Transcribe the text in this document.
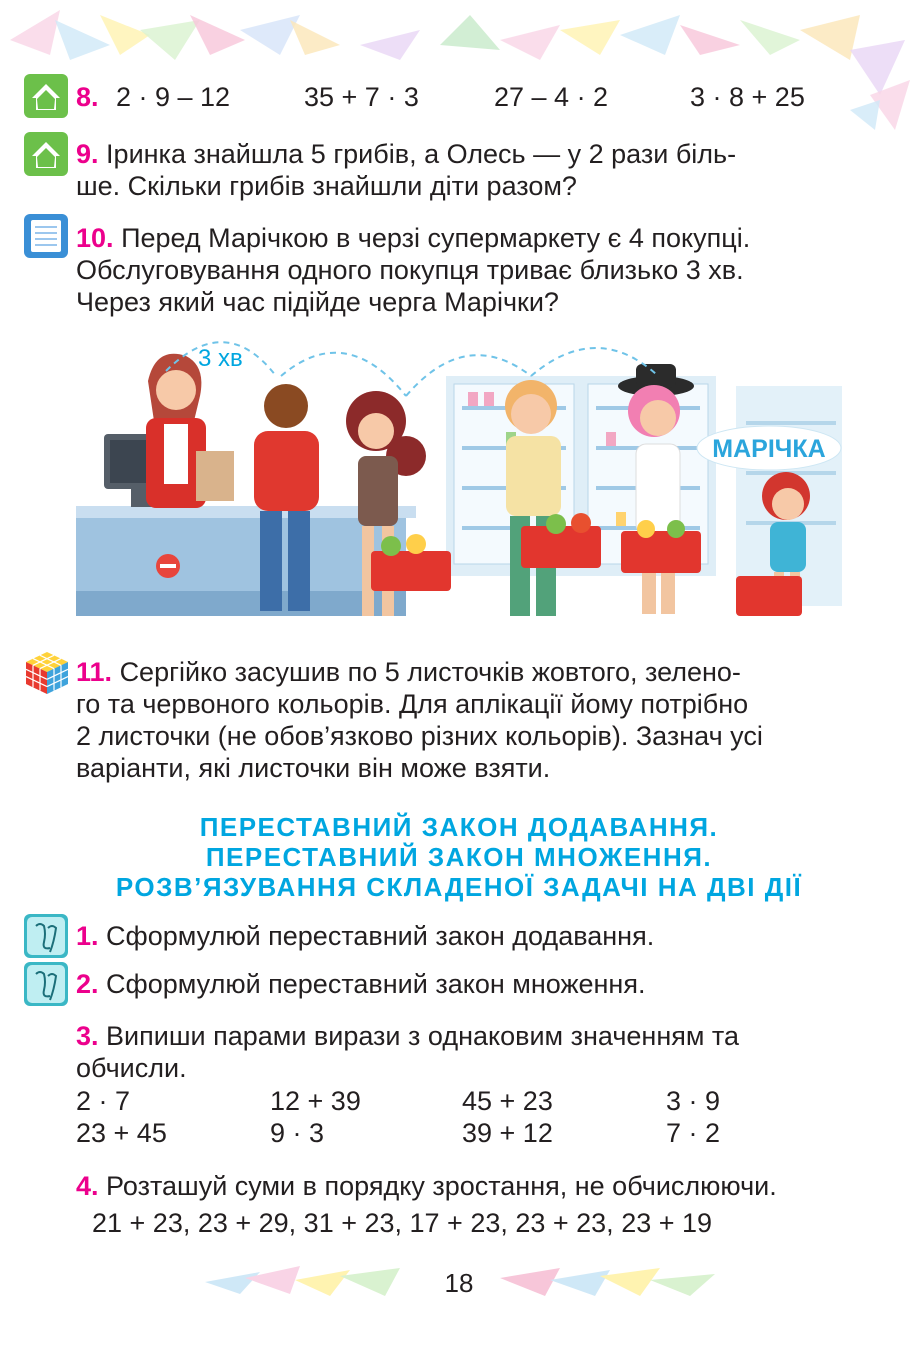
8. 2 · 9 – 12	35 + 7 · 3	27 – 4 · 2	3 · 8 + 25
9. Іринка знайшла 5 грибів, а Олесь — у 2 рази біль-
ше. Скільки грибів знайшли діти разом?
10. Перед Марічкою в черзі супермаркету є 4 покупці.
Обслуговування одного покупця триває близько 3 хв.
Через який час підійде черга Марічки?
3 хв
МАРІЧКА
11. Сергійко засушив по 5 листочків жовтого, зелено-
го та червоного кольорів. Для аплікації йому потрібно
2 листочки (не обов’язково різних кольорів). Зазнач усі
варіанти, які листочки він може взяти.
ПЕРЕСТАВНИЙ ЗАКОН ДОДАВАННЯ.
ПЕРЕСТАВНИЙ ЗАКОН МНОЖЕННЯ.
РОЗВ’ЯЗУВАННЯ СКЛАДЕНОЇ ЗАДАЧІ НА ДВІ ДІЇ
1. Сформулюй переставний закон додавання.
2. Сформулюй переставний закон множення.
3. Випиши парами вирази з однаковим значенням та
обчисли.
2 · 7	12 + 39	45 + 23	3 · 9
23 + 45	9 · 3	39 + 12	7 · 2
4. Розташуй суми в порядку зростання, не обчислюючи.
21 + 23, 23 + 29, 31 + 23, 17 + 23, 23 + 23, 23 + 19
18
